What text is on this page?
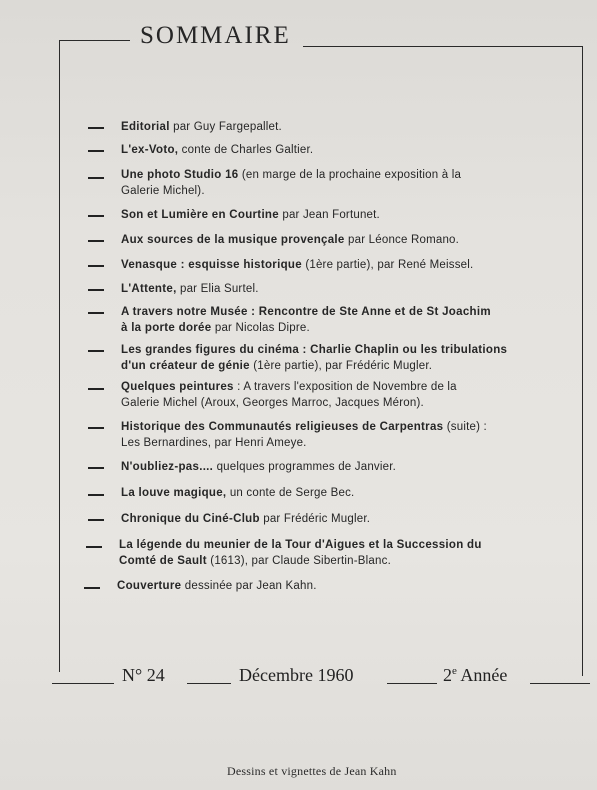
SOMMAIRE
Editorial par Guy Fargepallet.
L'ex-Voto, conte de Charles Galtier.
Une photo Studio 16 (en marge de la prochaine exposition à la
Galerie Michel).
Son et Lumière en Courtine par Jean Fortunet.
Aux sources de la musique provençale par Léonce Romano.
Venasque : esquisse historique (1ère partie), par René Meissel.
L'Attente, par Elia Surtel.
A travers notre Musée : Rencontre de Ste Anne et de St Joachim
à la porte dorée par Nicolas Dipre.
Les grandes figures du cinéma : Charlie Chaplin ou les tribulations
d'un créateur de génie (1ère partie), par Frédéric Mugler.
Quelques peintures : A travers l'exposition de Novembre de la
Galerie Michel (Aroux, Georges Marroc, Jacques Méron).
Historique des Communautés religieuses de Carpentras (suite) :
Les Bernardines, par Henri Ameye.
N'oubliez-pas.... quelques programmes de Janvier.
La louve magique, un conte de Serge Bec.
Chronique du Ciné-Club par Frédéric Mugler.
La légende du meunier de la Tour d'Aigues et la Succession du
Comté de Sault (1613), par Claude Sibertin-Blanc.
Couverture dessinée par Jean Kahn.
N° 24	Décembre 1960	2e Année
Dessins et vignettes de Jean Kahn
